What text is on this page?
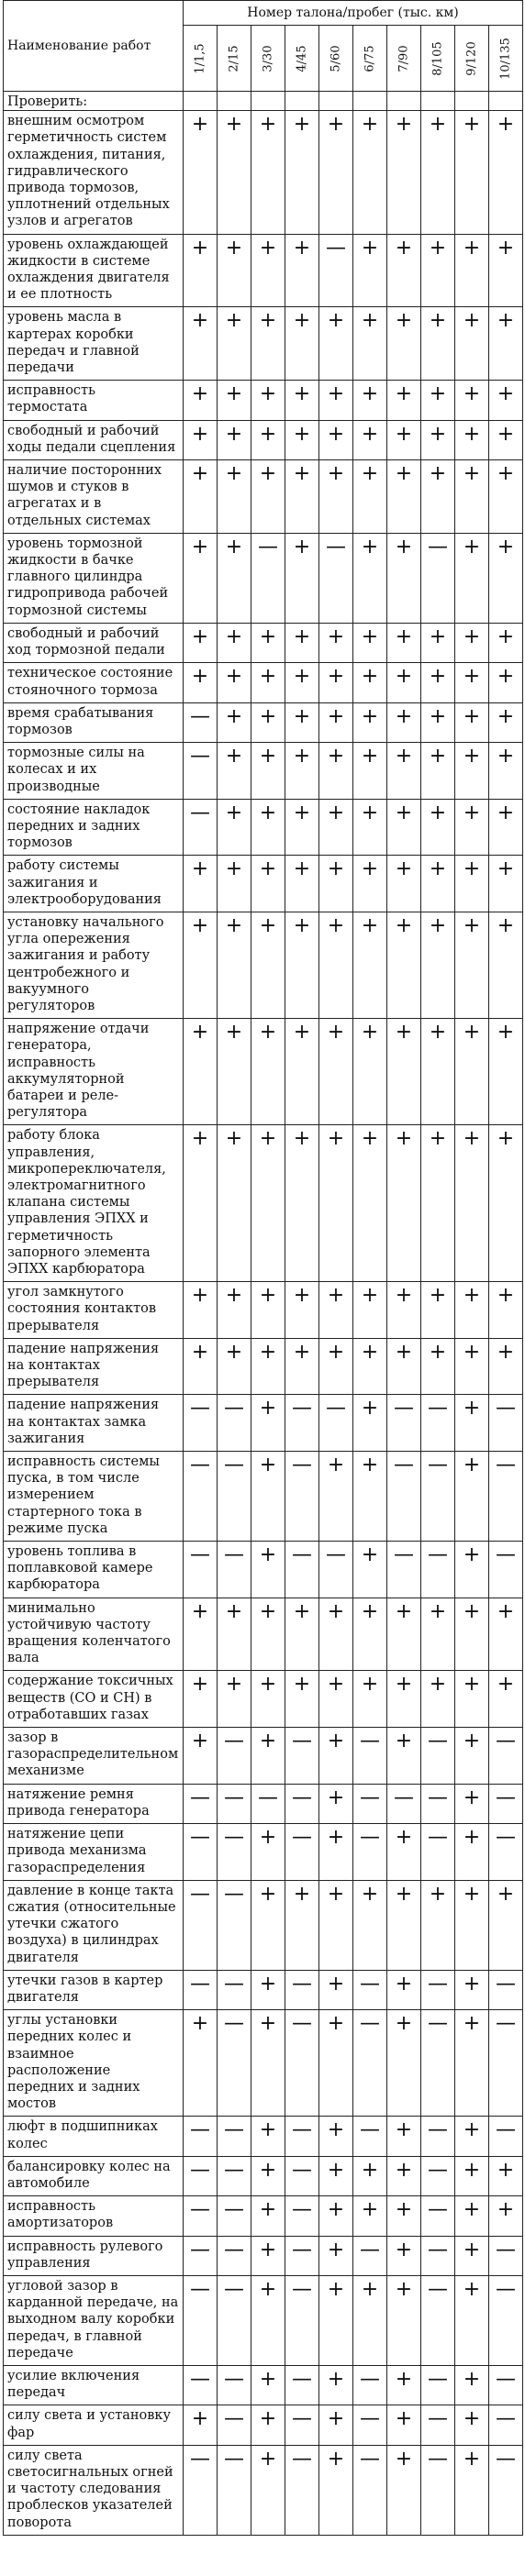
Наименование работ	Номер талона/пробег (тыс. км)									

	1/1,5	2/15	3/30	4/45	5/60	6/75	7/90	8/105	9/120	10/135

Проверить:										
внешним осмотром герметичность систем охлаждения, питания, гидравлического привода тормозов, уплотнений отдельных узлов и агрегатов	+	+	+	+	+	+	+	+	+	+
уровень охлаждающей жидкости в системе охлаждения двигателя и ее плотность	+	+	+	+	—	+	+	+	+	+
уровень масла в картерах коробки передач и главной передачи	+	+	+	+	+	+	+	+	+	+
исправность термостата	+	+	+	+	+	+	+	+	+	+
свободный и рабочий ходы педали сцепления	+	+	+	+	+	+	+	+	+	+
наличие посторонних шумов и стуков в агрегатах и в отдельных системах	+	+	+	+	+	+	+	+	+	+
уровень тормозной жидкости в бачке главного цилиндра гидропривода рабочей тормозной системы	+	+	—	+	—	+	+	—	+	+
свободный и рабочий ход тормозной педали	+	+	+	+	+	+	+	+	+	+
техническое состояние стояночного тормоза	+	+	+	+	+	+	+	+	+	+
время срабатывания тормозов	—	+	+	+	+	+	+	+	+	+
тормозные силы на колесах и их производные	—	+	+	+	+	+	+	+	+	+
состояние накладок передних и задних тормозов	—	+	+	+	+	+	+	+	+	+
работу системы зажигания и электрооборудования	+	+	+	+	+	+	+	+	+	+
установку начального угла опережения зажигания и работу центробежного и вакуумного регуляторов	+	+	+	+	+	+	+	+	+	+
напряжение отдачи генератора, исправность аккумуляторной батареи и реле-регулятора	+	+	+	+	+	+	+	+	+	+
работу блока управления, микропереключателя, электромагнитного клапана системы управления ЭПХХ и герметичность запорного элемента ЭПХХ карбюратора	+	+	+	+	+	+	+	+	+	+
угол замкнутого состояния контактов прерывателя	+	+	+	+	+	+	+	+	+	+
падение напряжения на контактах прерывателя	+	+	+	+	+	+	+	+	+	+
падение напряжения на контактах замка зажигания	—	—	+	—	—	+	—	—	+	—
исправность системы пуска, в том числе измерением стартерного тока в режиме пуска	—	—	+	—	+	+	—	—	+	—
уровень топлива в поплавковой камере карбюратора	—	—	+	—	—	+	—	—	+	—
минимально устойчивую частоту вращения коленчатого вала	+	+	+	+	+	+	+	+	+	+
содержание токсичных веществ (СО и СН) в отработавших газах	+	+	+	+	+	+	+	+	+	+
зазор в газораспределительном механизме	+	—	+	—	+	—	+	—	+	—
натяжение ремня привода генератора	—	—	—	—	+	—	—	—	+	—
натяжение цепи привода механизма газораспределения	—	—	+	—	+	—	+	—	+	—
давление в конце такта сжатия (относительные утечки сжатого воздуха) в цилиндрах двигателя	—	—	+	+	+	+	+	+	+	+
утечки газов в картер двигателя	—	—	+	—	+	—	+	—	+	—
углы установки передних колес и взаимное расположение передних и задних мостов	+	—	+	—	+	—	+	—	+	—
люфт в подшипниках колес	—	—	+	—	+	—	+	—	+	—
балансировку колес на автомобиле	—	—	+	—	+	+	+	—	+	+
исправность амортизаторов	—	—	+	—	+	+	+	—	+	+
исправность рулевого управления	—	—	+	—	+	—	+	—	+	—
угловой зазор в карданной передаче, на выходном валу коробки передач, в главной передаче	—	—	+	—	+	+	+	—	+	—
усилие включения передач	—	—	+	—	+	—	+	—	+	—
силу света и установку фар	+	—	+	—	+	—	+	—	+	—
силу света светосигнальных огней и частоту следования проблесков указателей поворота	—	—	+	—	+	—	+	—	+	—
